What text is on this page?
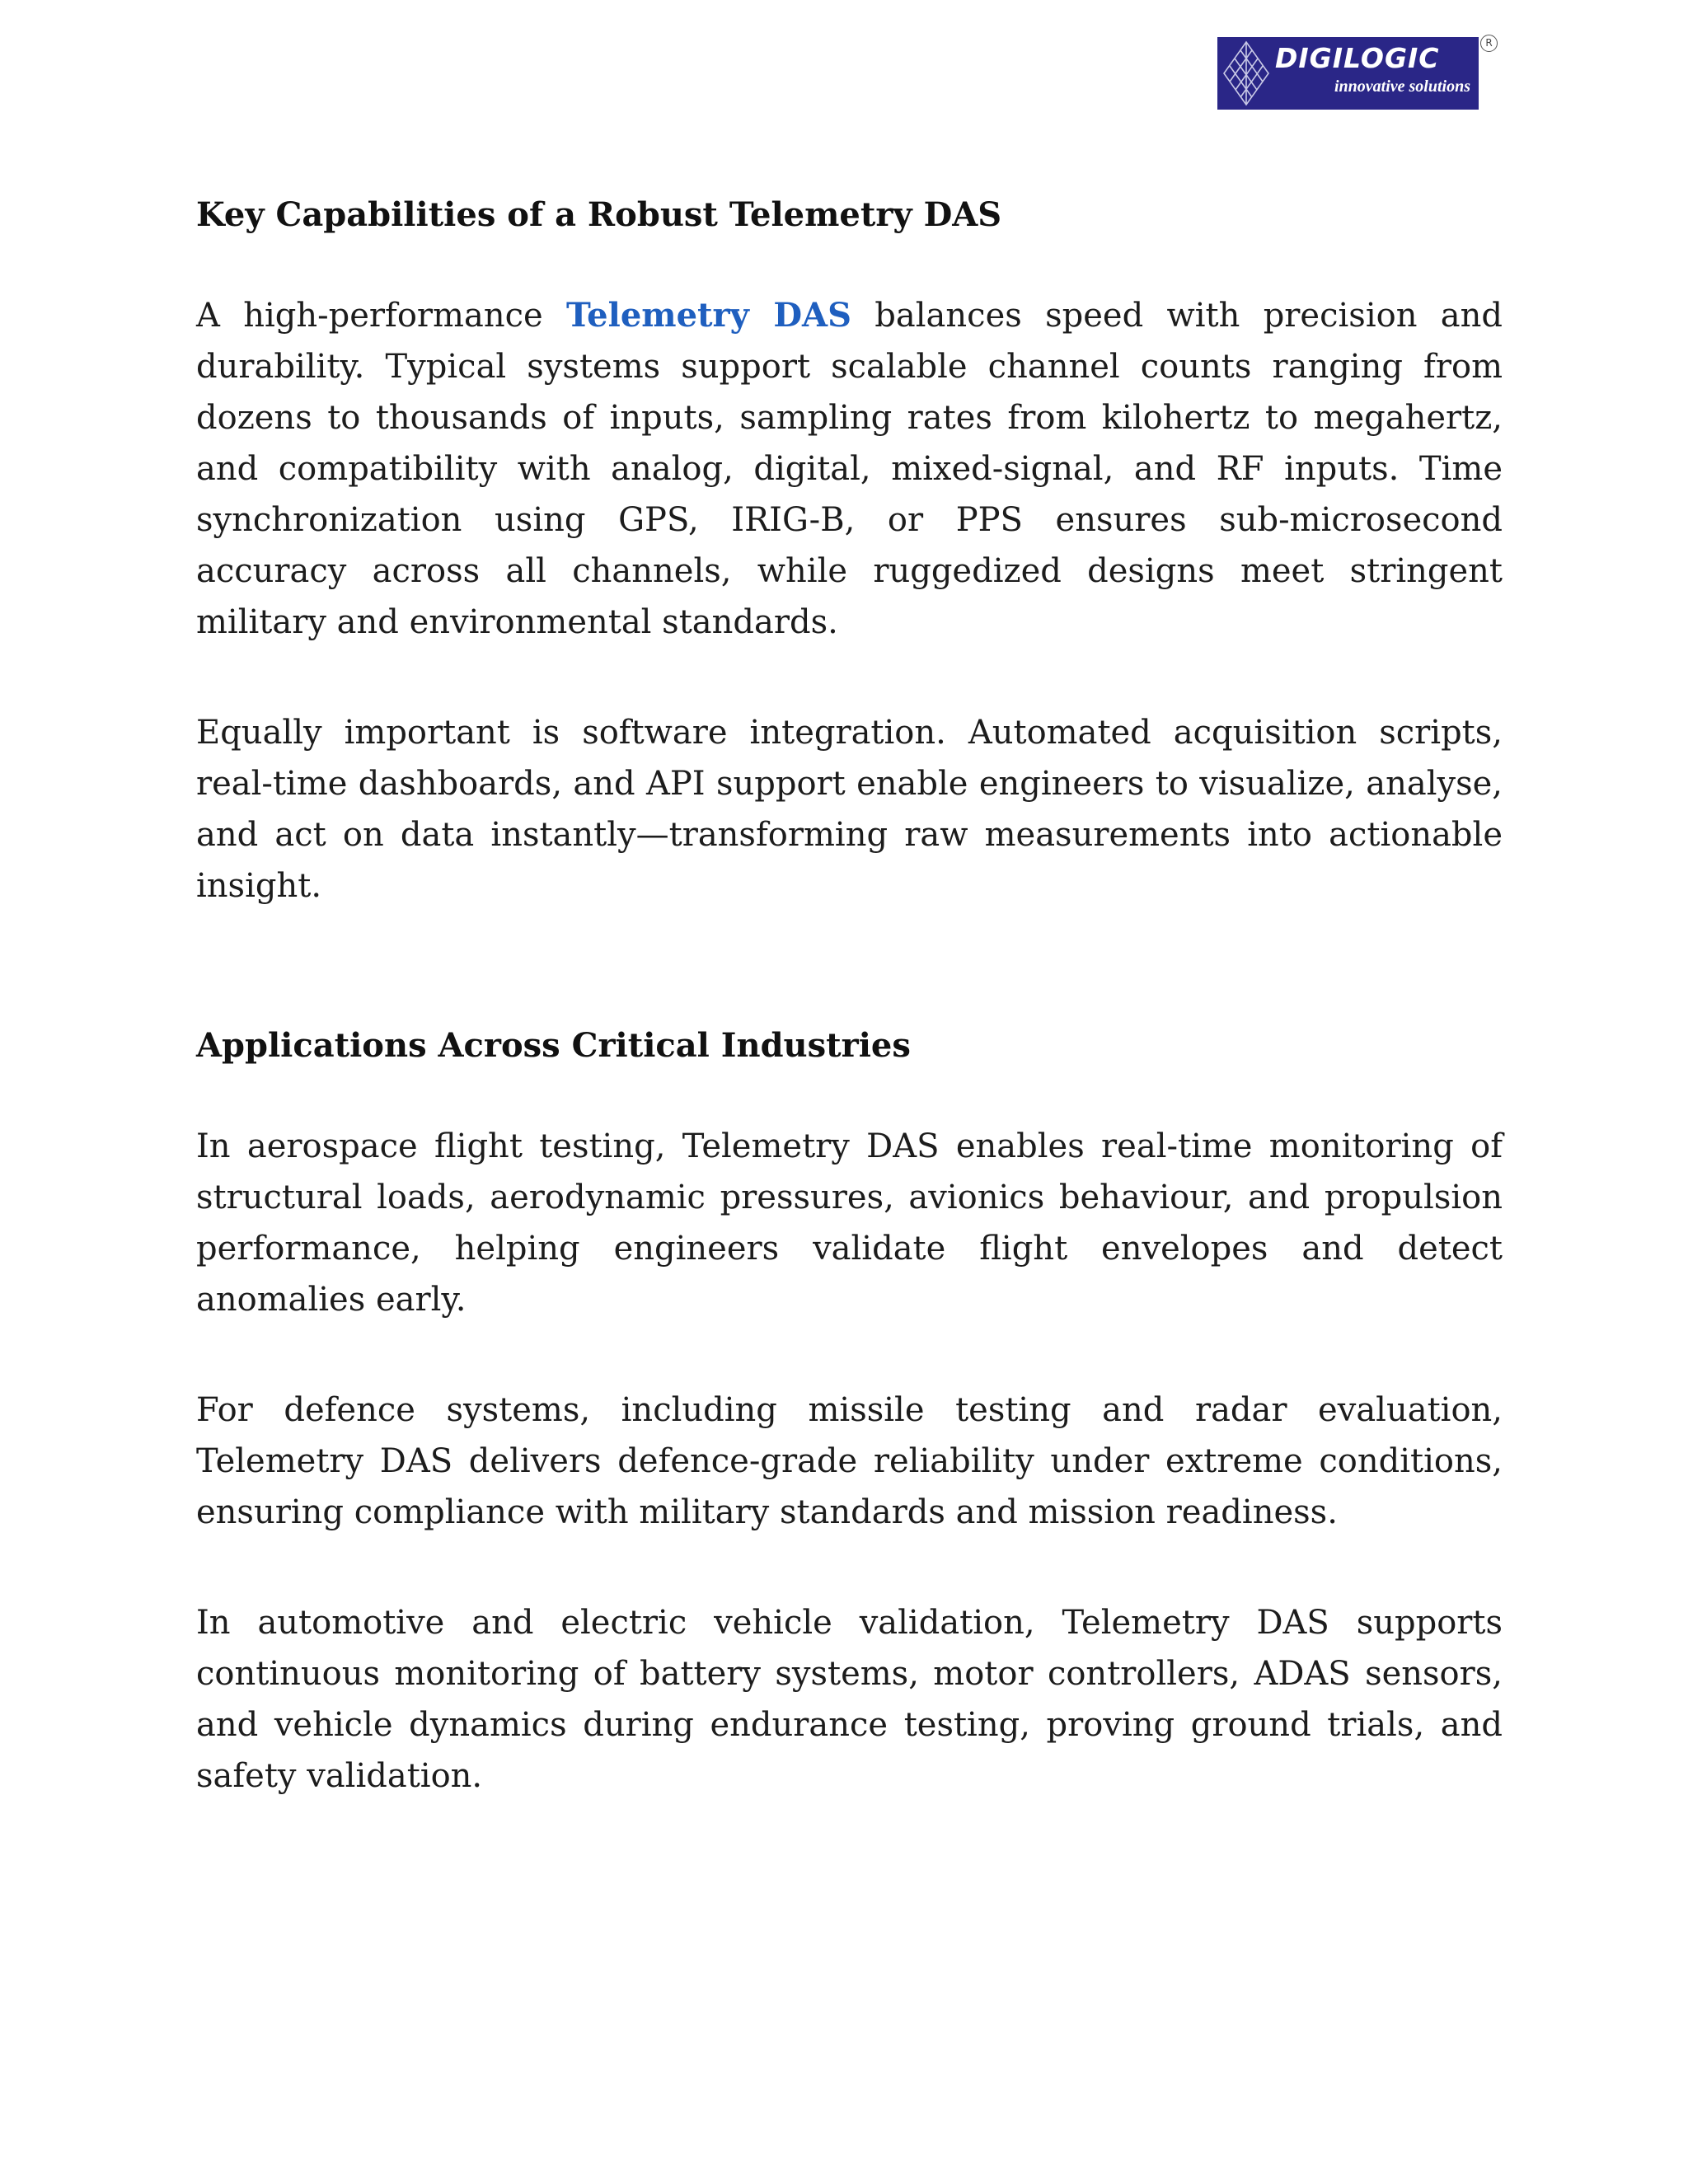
DIGILOGIC
innovative solutions
R
Key Capabilities of a Robust Telemetry DAS

A high-performance Telemetry DAS balances speed with precision and durability. Typical systems support scalable channel counts ranging from dozens to thousands of inputs, sampling rates from kilohertz to megahertz, and compatibility with analog, digital, mixed-signal, and RF inputs. Time synchronization using GPS, IRIG-B, or PPS ensures sub-microsecond accuracy across all channels, while ruggedized designs meet stringent military and environmental standards.

Equally important is software integration. Automated acquisition scripts, real-time dashboards, and API support enable engineers to visualize, analyse, and act on data instantly—transforming raw measurements into actionable insight.

Applications Across Critical Industries

In aerospace flight testing, Telemetry DAS enables real-time monitoring of structural loads, aerodynamic pressures, avionics behaviour, and propulsion performance, helping engineers validate flight envelopes and detect anomalies early.

For defence systems, including missile testing and radar evaluation, Telemetry DAS delivers defence-grade reliability under extreme conditions, ensuring compliance with military standards and mission readiness.

In automotive and electric vehicle validation, Telemetry DAS supports continuous monitoring of battery systems, motor controllers, ADAS sensors, and vehicle dynamics during endurance testing, proving ground trials, and safety validation.
